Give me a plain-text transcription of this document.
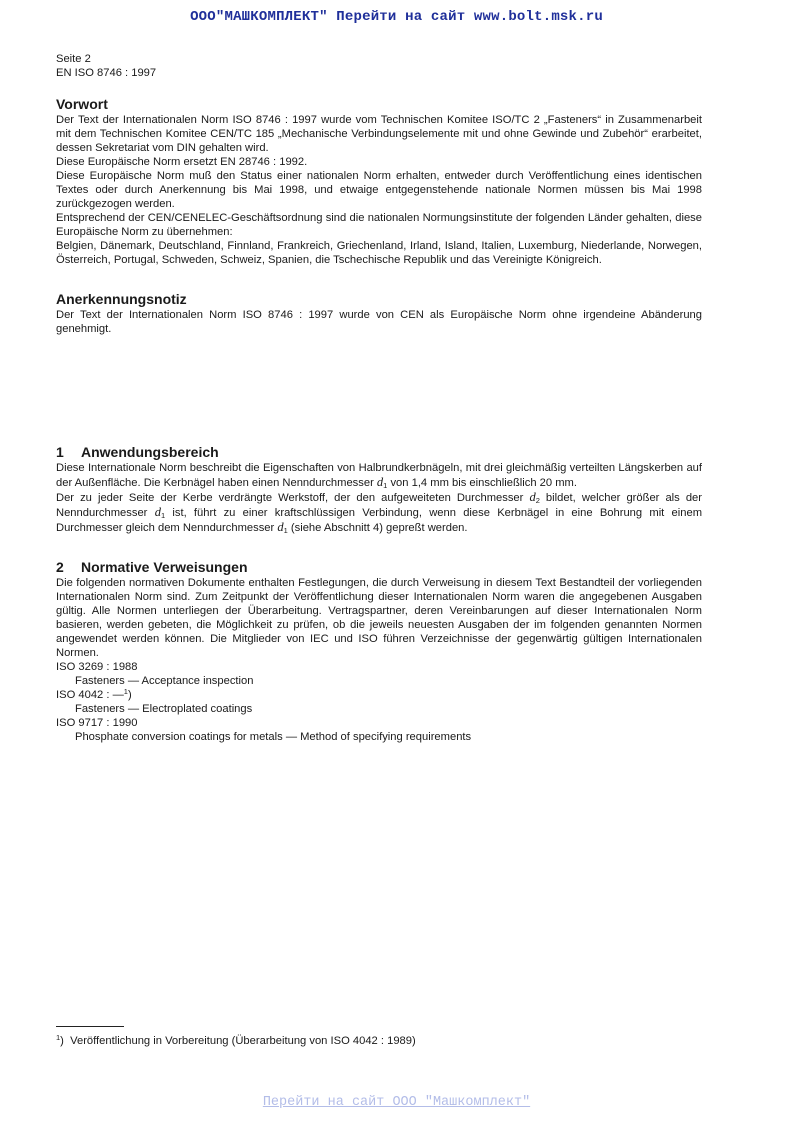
ООО"МАШКОМПЛЕКТ" Перейти на сайт www.bolt.msk.ru
Seite 2
EN ISO 8746 : 1997
Vorwort

Der Text der Internationalen Norm ISO 8746 : 1997 wurde vom Technischen Komitee ISO/TC 2 „Fasteners“ in Zusammenarbeit mit dem Technischen Komitee CEN/TC 185 „Mechanische Verbindungselemente mit und ohne Gewinde und Zubehör“ erarbeitet, dessen Sekretariat vom DIN gehalten wird.

Diese Europäische Norm ersetzt EN 28746 : 1992.

Diese Europäische Norm muß den Status einer nationalen Norm erhalten, entweder durch Veröffentlichung eines identischen Textes oder durch Anerkennung bis Mai 1998, und etwaige entgegenstehende nationale Normen müssen bis Mai 1998 zurückgezogen werden.

Entsprechend der CEN/CENELEC-Geschäftsordnung sind die nationalen Normungsinstitute der folgenden Länder gehalten, diese Europäische Norm zu übernehmen:

Belgien, Dänemark, Deutschland, Finnland, Frankreich, Griechenland, Irland, Island, Italien, Luxemburg, Niederlande, Norwegen, Österreich, Portugal, Schweden, Schweiz, Spanien, die Tschechische Republik und das Vereinigte Königreich.

Anerkennungsnotiz

Der Text der Internationalen Norm ISO 8746 : 1997 wurde von CEN als Europäische Norm ohne irgendeine Abänderung genehmigt.

1 Anwendungsbereich

Diese Internationale Norm beschreibt die Eigenschaften von Halbrundkerbnägeln, mit drei gleichmäßig verteilten Längskerben auf der Außenfläche. Die Kerbnägel haben einen Nenndurchmesser $d_1$ von 1,4 mm bis einschließlich 20 mm.

Der zu jeder Seite der Kerbe verdrängte Werkstoff, der den aufgeweiteten Durchmesser $d_2$ bildet, welcher größer als der Nenndurchmesser $d_1$ ist, führt zu einer kraftschlüssigen Verbindung, wenn diese Kerbnägel in eine Bohrung mit einem Durchmesser gleich dem Nenndurchmesser $d_1$ (siehe Abschnitt 4) gepreßt werden.

2 Normative Verweisungen

Die folgenden normativen Dokumente enthalten Festlegungen, die durch Verweisung in diesem Text Bestandteil der vorliegenden Internationalen Norm sind. Zum Zeitpunkt der Veröffentlichung dieser Internationalen Norm waren die angegebenen Ausgaben gültig. Alle Normen unterliegen der Überarbeitung. Vertragspartner, deren Vereinbarungen auf dieser Internationalen Norm basieren, werden gebeten, die Möglichkeit zu prüfen, ob die jeweils neuesten Ausgaben der im folgenden genannten Normen angewendet werden können. Die Mitglieder von IEC und ISO führen Verzeichnisse der gegenwärtig gültigen Internationalen Normen.

ISO 3269 : 1988
Fasteners — Acceptance inspection
ISO 4042 : —$^1$)
Fasteners — Electroplated coatings
ISO 9717 : 1990
Phosphate conversion coatings for metals — Method of specifying requirements
$^1$) Veröffentlichung in Vorbereitung (Überarbeitung von ISO 4042 : 1989)
Перейти на сайт ООО "Машкомплект"
